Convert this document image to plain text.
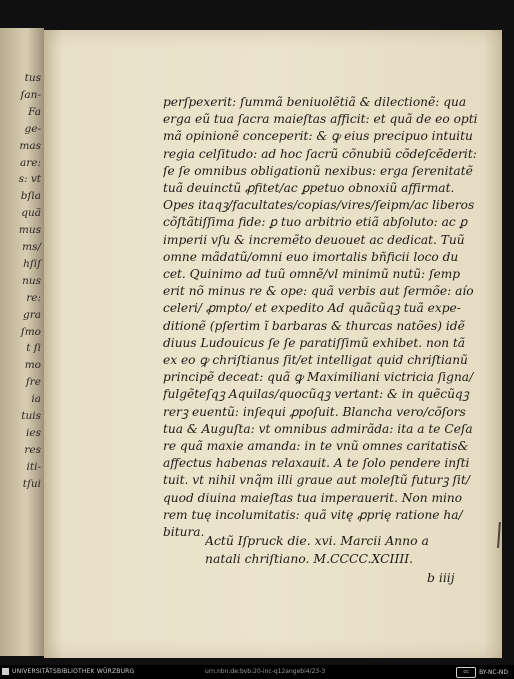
tus
ſan-
Fa
ge-
mas
are:
s: vt
bſia
quã
mus
ms/
hſiſ
nus
re:
gra
ſmo
t ſi
mo
ſre
ia
tuis
ies
res
iti-
tſui
perſpexerit: ſummã beniuolẽtiã & dilectionẽ: qua
erga eũ tua ſacra maieſtas afficit: et quã de eo opti
mã opinionẽ conceperit: & ꝙ eius precipuo intuitu
regia celſitudo: ad hoc ſacrũ cõnubiũ cõdeſcẽderit:
ſe ſe omnibus obligationũ nexibus: erga ſerenitatẽ
tuã deuinctũ ꝓfitet/ac ꝑpetuo obnoxiũ affirmat.
Opes itaqꝫ/facultates/copias/vires/ſeipm/ac liberos
cõſtãtiſſima fide: ꝑ tuo arbitrio etiã abſoluto: ac ꝑ
imperii vſu & incremẽto deuouet ac dedicat. Tuũ
omne mãdatũ/omni euo imortalis bñficii loco du
cet. Quinimo ad tuũ omnẽ/vl minimũ nutũ: ſemp
erit nõ minus re & ope: quã verbis aut ſermõe: aío
celeri/ ꝓmpto/ et expedito Ad quãcũqꝫ tuã expe-
ditionẽ (pſertim ĩ barbaras & thurcas natões) idẽ
diuus Ludouicus ſe ſe paratiſſimũ exhibet. non tã
ex eo ꝙ chriſtianus ſit/et intelligat quid chriſtianũ
principẽ deceat: quã ꝙ Maximiliani victricia ſigna/
fulgẽteſqꝫ Aquilas/quocũqꝫ vertant: & in quẽcũqꝫ
rerꝫ euentũ: inſequi ꝓpoſuit. Blancha vero/cõſors
tua & Auguſta: vt omnibus admirãda: ita a te Ceſa
re quã maxie amanda: in te vnũ omnes caritatis&
affectus habenas relaxauit. A te ſolo pendere inſti
tuit. vt nihil vnq̃m illi graue aut moleſtũ futurꝫ ſit/
quod diuina maieſtas tua imperauerit. Non mino
rem tuę incolumitatis: quã vitę ꝓprię ratione ha/
bitura.
Actũ Iſpruck die. xvi. Marcii Anno a
natali chriſtiano. M.CCCC.XCIIII.
b iiij
UNIVERSITÄTSBIBLIOTHEK WÜRZBURG	urn:nbn:de:bvb:20-inc-q12angebi4/23-3	cc	BY-NC-ND
